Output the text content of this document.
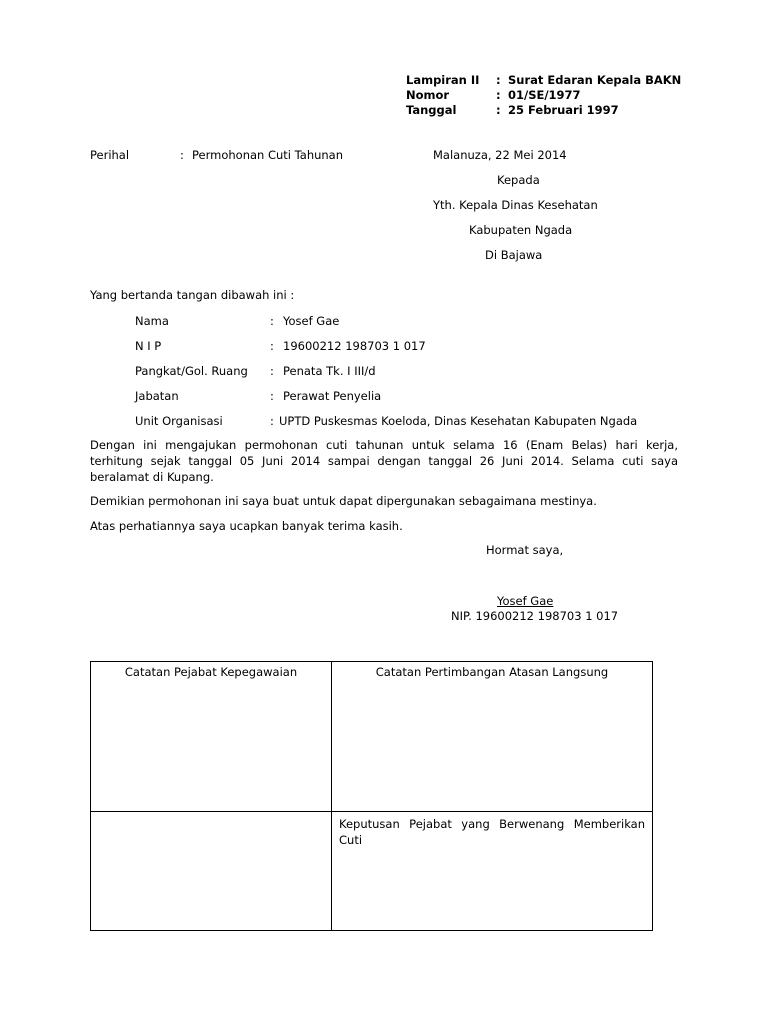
Lampiran II : Surat Edaran Kepala BAKN
Nomor	: 01/SE/1977
Tanggal	: 25 Februari 1997
Perihal	: Permohonan Cuti Tahunan	Malanuza, 22 Mei 2014
Kepada
Yth. Kepala Dinas Kesehatan
Kabupaten Ngada
Di Bajawa
Yang bertanda tangan dibawah ini :
Nama	: Yosef Gae
N I P	: 19600212 198703 1 017
Pangkat/Gol. Ruang : Penata Tk. I III/d
Jabatan	: Perawat Penyelia
Unit Organisasi	: UPTD Puskesmas Koeloda, Dinas Kesehatan Kabupaten Ngada
Dengan ini mengajukan permohonan cuti tahunan untuk selama 16 (Enam Belas) hari kerja, terhitung sejak tanggal 05 Juni 2014 sampai dengan tanggal 26 Juni 2014. Selama cuti saya beralamat di Kupang.
Demikian permohonan ini saya buat untuk dapat dipergunakan sebagaimana mestinya.
Atas perhatiannya saya ucapkan banyak terima kasih.
Hormat saya,
Yosef Gae
NIP. 19600212 198703 1 017
Catatan Pejabat Kepegawaian	Catatan Pertimbangan Atasan Langsung

	Keputusan Pejabat yang Berwenang Memberikan Cuti
